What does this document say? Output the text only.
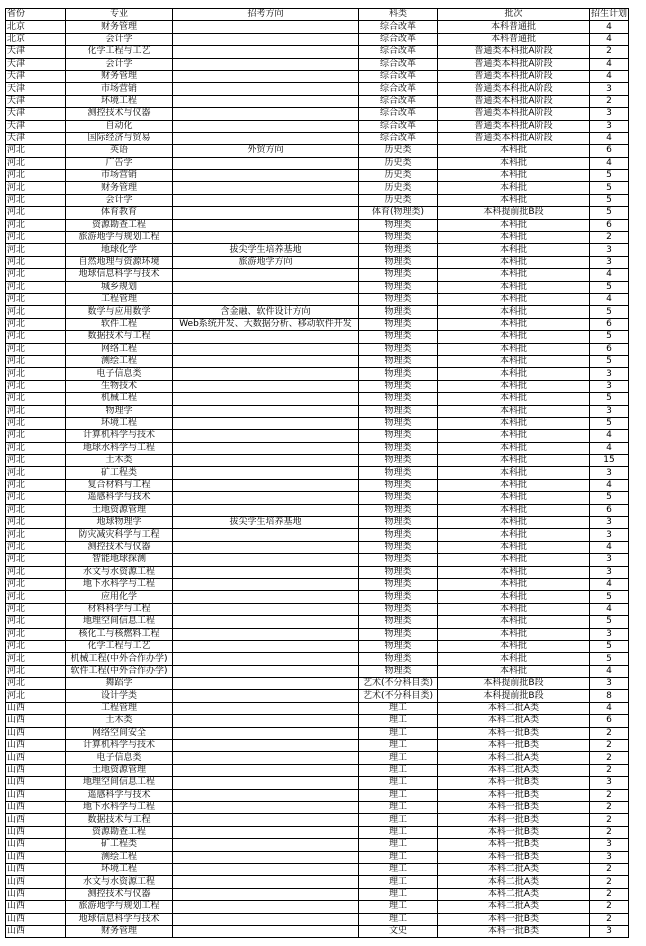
省份	专业	招考方向	科类	批次	招生计划
北京	财务管理		综合改革	本科普通批	4
北京	会计学		综合改革	本科普通批	4
天津	化学工程与工艺		综合改革	普通类本科批A阶段	2
天津	会计学		综合改革	普通类本科批A阶段	4
天津	财务管理		综合改革	普通类本科批A阶段	4
天津	市场营销		综合改革	普通类本科批A阶段	3
天津	环境工程		综合改革	普通类本科批A阶段	2
天津	测控技术与仪器		综合改革	普通类本科批A阶段	3
天津	自动化		综合改革	普通类本科批A阶段	3
天津	国际经济与贸易		综合改革	普通类本科批A阶段	4
河北	英语	外贸方向	历史类	本科批	6
河北	广告学		历史类	本科批	4
河北	市场营销		历史类	本科批	5
河北	财务管理		历史类	本科批	5
河北	会计学		历史类	本科批	5
河北	体育教育		体育(物理类)	本科提前批B段	5
河北	资源勘查工程		物理类	本科批	6
河北	旅游地学与规划工程		物理类	本科批	2
河北	地球化学	拔尖学生培养基地	物理类	本科批	3
河北	自然地理与资源环境	旅游地学方向	物理类	本科批	3
河北	地球信息科学与技术		物理类	本科批	4
河北	城乡规划		物理类	本科批	5
河北	工程管理		物理类	本科批	4
河北	数学与应用数学	含金融、软件设计方向	物理类	本科批	5
河北	软件工程	Web系统开发、大数据分析、移动软件开发	物理类	本科批	6
河北	数据技术与工程		物理类	本科批	5
河北	网络工程		物理类	本科批	6
河北	测绘工程		物理类	本科批	5
河北	电子信息类		物理类	本科批	3
河北	生物技术		物理类	本科批	3
河北	机械工程		物理类	本科批	5
河北	物理学		物理类	本科批	3
河北	环境工程		物理类	本科批	5
河北	计算机科学与技术		物理类	本科批	4
河北	地球水科学与工程		物理类	本科批	4
河北	土木类		物理类	本科批	15
河北	矿工程类		物理类	本科批	3
河北	复合材料与工程		物理类	本科批	4
河北	遥感科学与技术		物理类	本科批	5
河北	土地资源管理		物理类	本科批	6
河北	地球物理学	拔尖学生培养基地	物理类	本科批	3
河北	防灾减灾科学与工程		物理类	本科批	3
河北	测控技术与仪器		物理类	本科批	4
河北	智能地球探测		物理类	本科批	3
河北	水文与水资源工程		物理类	本科批	3
河北	地下水科学与工程		物理类	本科批	4
河北	应用化学		物理类	本科批	5
河北	材料科学与工程		物理类	本科批	4
河北	地理空间信息工程		物理类	本科批	5
河北	核化工与核燃料工程		物理类	本科批	3
河北	化学工程与工艺		物理类	本科批	5
河北	机械工程(中外合作办学)		物理类	本科批	5
河北	软件工程(中外合作办学)		物理类	本科批	4
河北	舞蹈学		艺术(不分科目类)	本科提前批B段	3
河北	设计学类		艺术(不分科目类)	本科提前批B段	8
山西	工程管理		理工	本科二批A类	4
山西	土木类		理工	本科二批A类	6
山西	网络空间安全		理工	本科一批B类	2
山西	计算机科学与技术		理工	本科一批B类	2
山西	电子信息类		理工	本科二批A类	2
山西	土地资源管理		理工	本科二批A类	2
山西	地理空间信息工程		理工	本科一批B类	3
山西	遥感科学与技术		理工	本科一批B类	2
山西	地下水科学与工程		理工	本科一批B类	2
山西	数据技术与工程		理工	本科一批B类	2
山西	资源勘查工程		理工	本科一批B类	2
山西	矿工程类		理工	本科一批B类	3
山西	测绘工程		理工	本科一批B类	3
山西	环境工程		理工	本科二批A类	2
山西	水文与水资源工程		理工	本科二批A类	2
山西	测控技术与仪器		理工	本科二批A类	2
山西	旅游地学与规划工程		理工	本科二批A类	2
山西	地球信息科学与技术		理工	本科一批B类	2
山西	财务管理		文史	本科一批B类	3
